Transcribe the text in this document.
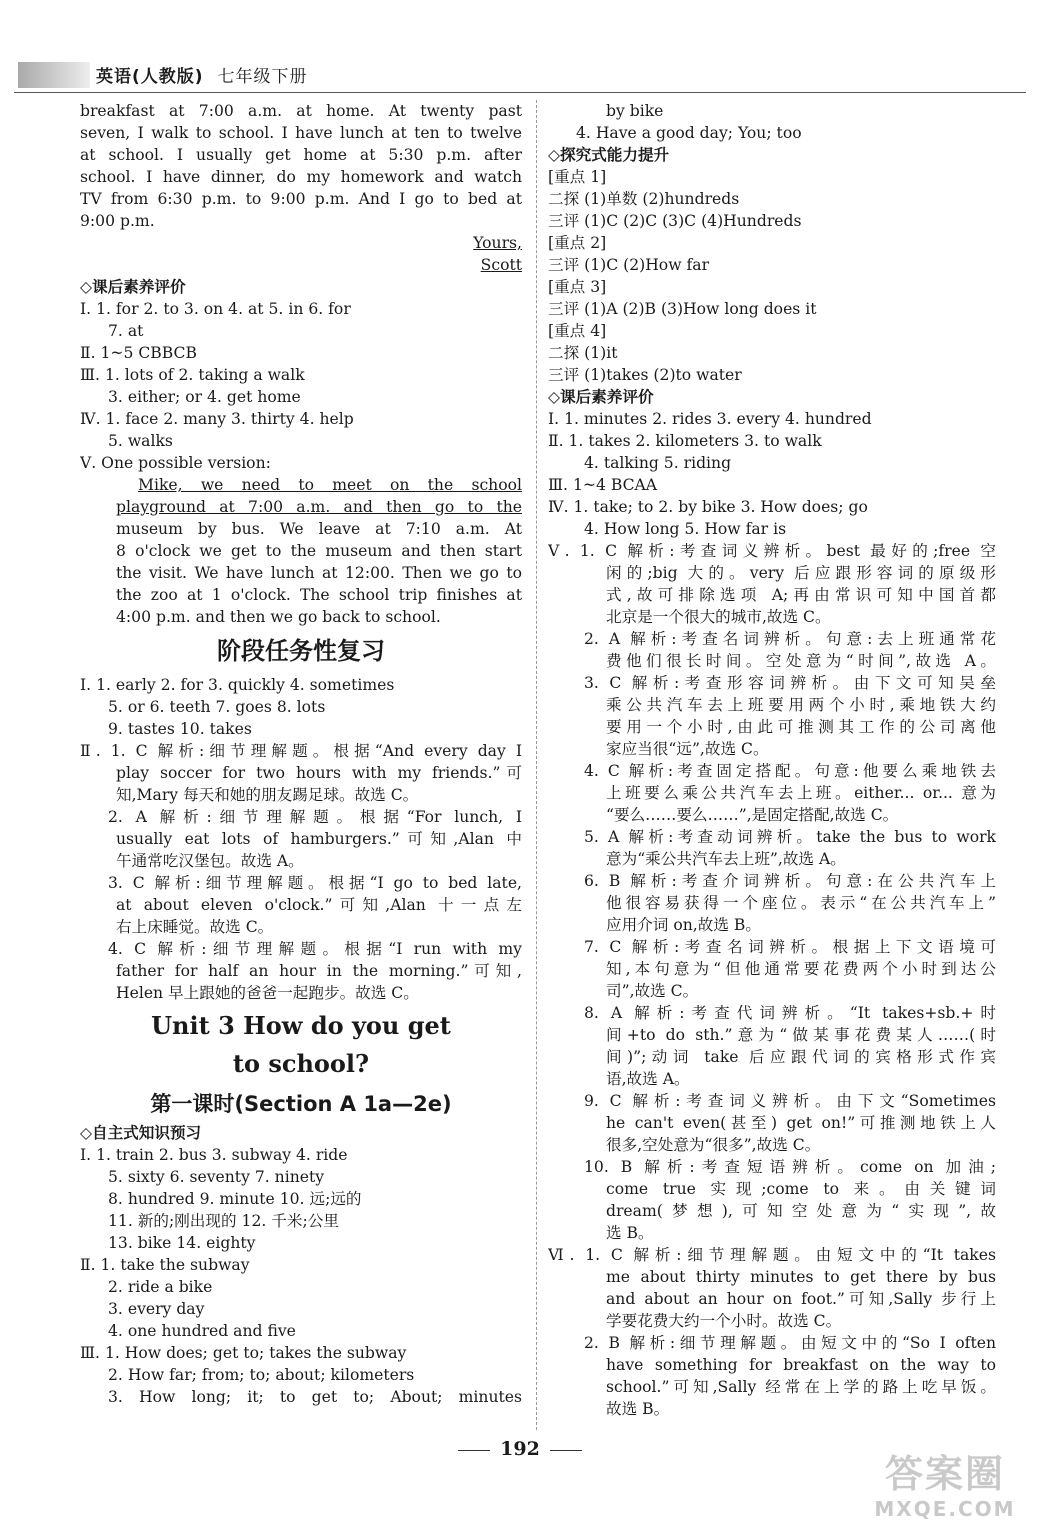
英语(人教版) 七年级下册
breakfast at 7:00 a.m. at home. At twenty past
seven, I walk to school. I have lunch at ten to twelve
at school. I usually get home at 5:30 p.m. after
school. I have dinner, do my homework and watch
TV from 6:30 p.m. to 9:00 p.m. And I go to bed at
9:00 p.m.
Yours,
Scott
◇课后素养评价
Ⅰ. 1. for 2. to 3. on 4. at 5. in 6. for
7. at
Ⅱ. 1~5 CBBCB
Ⅲ. 1. lots of 2. taking a walk
3. either; or 4. get home
Ⅳ. 1. face 2. many 3. thirty 4. help
5. walks
Ⅴ. One possible version:
Mike, we need to meet on the school
playground at 7:00 a.m. and then go to the
museum by bus. We leave at 7:10 a.m. At
8 o'clock we get to the museum and then start
the visit. We have lunch at 12:00. Then we go to
the zoo at 1 o'clock. The school trip finishes at
4:00 p.m. and then we go back to school.
阶段任务性复习
Ⅰ. 1. early 2. for 3. quickly 4. sometimes
5. or 6. teeth 7. goes 8. lots
9. tastes 10. takes
Ⅱ. 1. C 解析:细节理解题。根据“And every day I
play soccer for two hours with my friends.”可
知,Mary 每天和她的朋友踢足球。故选 C。
2. A 解析:细节理解题。根据“For lunch, I
usually eat lots of hamburgers.”可知,Alan 中
午通常吃汉堡包。故选 A。
3. C 解析:细节理解题。根据“I go to bed late,
at about eleven o'clock.”可知,Alan 十一点左
右上床睡觉。故选 C。
4. C 解析:细节理解题。根据“I run with my
father for half an hour in the morning.”可知,
Helen 早上跟她的爸爸一起跑步。故选 C。
Unit 3 How do you get
to school?
第一课时(Section A 1a—2e)
◇自主式知识预习
Ⅰ. 1. train 2. bus 3. subway 4. ride
5. sixty 6. seventy 7. ninety
8. hundred 9. minute 10. 远;远的
11. 新的;刚出现的 12. 千米;公里
13. bike 14. eighty
Ⅱ. 1. take the subway
2. ride a bike
3. every day
4. one hundred and five
Ⅲ. 1. How does; get to; takes the subway
2. How far; from; to; about; kilometers
3. How long; it; to get to; About; minutes
by bike
4. Have a good day; You; too
◇探究式能力提升
[重点 1]
二探 (1)单数 (2)hundreds
三评 (1)C (2)C (3)C (4)Hundreds
[重点 2]
三评 (1)C (2)How far
[重点 3]
三评 (1)A (2)B (3)How long does it
[重点 4]
二探 (1)it
三评 (1)takes (2)to water
◇课后素养评价
Ⅰ. 1. minutes 2. rides 3. every 4. hundred
Ⅱ. 1. takes 2. kilometers 3. to walk
4. talking 5. riding
Ⅲ. 1~4 BCAA
Ⅳ. 1. take; to 2. by bike 3. How does; go
4. How long 5. How far is
Ⅴ. 1. C 解析:考查词义辨析。best 最好的;free 空
闲的;big 大的。very 后应跟形容词的原级形
式,故可排除选项 A;再由常识可知中国首都
北京是一个很大的城市,故选 C。
2. A 解析:考查名词辨析。句意:去上班通常花
费他们很长时间。空处意为“时间”,故选 A。
3. C 解析:考查形容词辨析。由下文可知吴垒
乘公共汽车去上班要用两个小时,乘地铁大约
要用一个小时,由此可推测其工作的公司离他
家应当很“远”,故选 C。
4. C 解析:考查固定搭配。句意:他要么乘地铁去
上班要么乘公共汽车去上班。either... or... 意为
“要么……要么……”,是固定搭配,故选 C。
5. A 解析:考查动词辨析。take the bus to work
意为“乘公共汽车去上班”,故选 A。
6. B 解析:考查介词辨析。句意:在公共汽车上
他很容易获得一个座位。表示“在公共汽车上”
应用介词 on,故选 B。
7. C 解析:考查名词辨析。根据上下文语境可
知,本句意为“但他通常要花费两个小时到达公
司”,故选 C。
8. A 解析:考查代词辨析。“It takes+sb.+时
间+to do sth.”意为“做某事花费某人……(时
间)”;动词 take 后应跟代词的宾格形式作宾
语,故选 A。
9. C 解析:考查词义辨析。由下文“Sometimes
he can't even(甚至) get on!”可推测地铁上人
很多,空处意为“很多”,故选 C。
10. B 解析:考查短语辨析。come on 加油;
come true 实现;come to 来。由关键词
dream(梦想),可知空处意为“实现”,故
选 B。
Ⅵ. 1. C 解析:细节理解题。由短文中的“It takes
me about thirty minutes to get there by bus
and about an hour on foot.”可知,Sally 步行上
学要花费大约一个小时。故选 C。
2. B 解析:细节理解题。由短文中的“So I often
have something for breakfast on the way to
school.”可知,Sally 经常在上学的路上吃早饭。
故选 B。
192
答案圈
MXQE.COM
